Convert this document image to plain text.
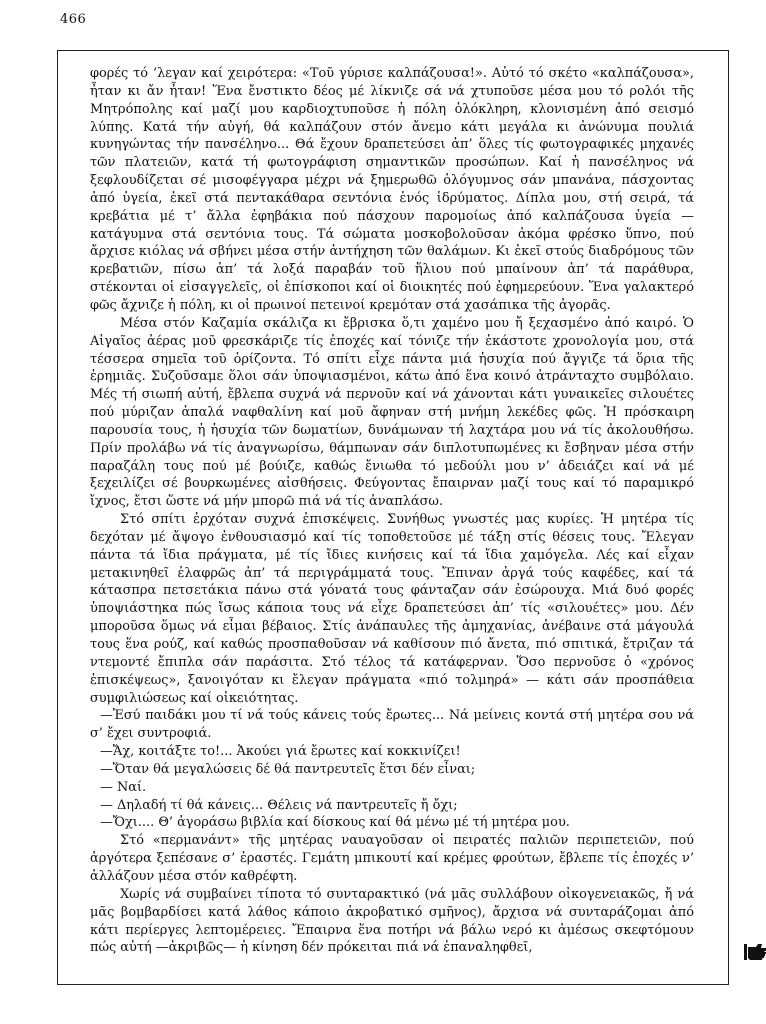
466

φορές τό ’λεγαν καί χειρότερα: «Τοῦ γύρισε καλπάζουσα!». Αὐτό τό σκέτο «καλπάζουσα», ἦταν κι ἄν ἦταν! Ἕνα ἔνστικτο δέος μέ λίκνιζε σά νά χτυποῦσε μέσα μου τό ρολόι τῆς Μητρόπολης καί μαζί μου καρδιοχτυποῦσε ἡ πόλη ὁλόκληρη, κλονισμένη ἀπό σεισμό λύπης. Κατά τήν αὐγή, θά καλπάζουν στόν ἄνεμο κάτι μεγάλα κι ἀνώνυμα πουλιά κυνηγώντας τήν πανσέληνο... Θά ἔχουν δραπετεύσει ἀπ’ ὅλες τίς φωτογραφικές μηχανές τῶν πλατειῶν, κατά τή φωτογράφιση σημαντικῶν προσώπων. Καί ἡ πανσέληνος νά ξεφλουδίζεται σέ μισοφέγγαρα μέχρι νά ξημερωθῶ ὀλόγυμνος σάν μπανάνα, πάσχοντας ἀπό ὑγεία, ἐκεῖ στά πεντακάθαρα σεντόνια ἑνός ἱδρύματος. Δίπλα μου, στή σειρά, τά κρεβάτια μέ τ’ ἄλλα ἐφηβάκια πού πάσχουν παρομοίως ἀπό καλπάζουσα ὑγεία — κατάγυμνα στά σεντόνια τους. Τά σώματα μοσκοβολοῦσαν ἀκόμα φρέσκο ὕπνο, πού ἄρχισε κιόλας νά σβήνει μέσα στήν ἀντήχηση τῶν θαλάμων. Κι ἐκεῖ στούς διαδρόμους τῶν κρεβατιῶν, πίσω ἀπ’ τά λοξά παραβάν τοῦ ἥλιου πού μπαίνουν ἀπ’ τά παράθυρα, στέκονται οἱ εἰσαγγελεῖς, οἱ ἐπίσκοποι καί οἱ διοικητές πού ἐφημερεύουν. Ἕνα γαλακτερό φῶς ἄχνιζε ἡ πόλη, κι οἱ πρωινοί πετεινοί κρεμόταν στά χασάπικα τῆς ἀγορᾶς.

Μέσα στόν Καζαμία σκάλιζα κι ἔβρισκα ὅ,τι χαμένο μου ἤ ξεχασμένο ἀπό καιρό. Ὁ Αἰγαῖος ἀέρας μοῦ φρεσκάριζε τίς ἐποχές καί τόνιζε τήν ἑκάστοτε χρονολογία μου, στά τέσσερα σημεῖα τοῦ ὁρίζοντα. Τό σπίτι εἶχε πάντα μιά ἡσυχία πού ἄγγιζε τά ὅρια τῆς ἐρημιᾶς. Συζοῦσαμε ὅλοι σάν ὑποψιασμένοι, κάτω ἀπό ἕνα κοινό ἀτράνταχτο συμβόλαιο. Μές τή σιωπή αὐτή, ἔβλεπα συχνά νά περνοῦν καί νά χάνονται κάτι γυναικεῖες σιλουέτες πού μύριζαν ἁπαλά ναφθαλίνη καί μοῦ ἄφηναν στή μνήμη λεκέδες φῶς. Ἡ πρόσκαιρη παρουσία τους, ἡ ἡσυχία τῶν δωματίων, δυνάμωναν τή λαχτάρα μου νά τίς ἀκολουθήσω. Πρίν προλάβω νά τίς ἀναγνωρίσω, θάμπωναν σάν διπλοτυπωμένες κι ἔσβηναν μέσα στήν παραζάλη τους πού μέ βούιζε, καθώς ἔνιωθα τό μεδούλι μου ν’ ἀδειάζει καί νά μέ ξεχειλίζει σέ βουρκωμένες αἰσθήσεις. Φεύγοντας ἔπαιρναν μαζί τους καί τό παραμικρό ἴχνος, ἔτσι ὥστε νά μήν μπορῶ πιά νά τίς ἀναπλάσω.

Στό σπίτι ἐρχόταν συχνά ἐπισκέψεις. Συνήθως γνωστές μας κυρίες. Ἡ μητέρα τίς δεχόταν μέ ἄψογο ἐνθουσιασμό καί τίς τοποθετοῦσε μέ τάξη στίς θέσεις τους. Ἔλεγαν πάντα τά ἴδια πράγματα, μέ τίς ἴδιες κινήσεις καί τά ἴδια χαμόγελα. Λές καί εἶχαν μετακινηθεῖ ἐλαφρῶς ἀπ’ τά περιγράμματά τους. Ἔπιναν ἀργά τούς καφέδες, καί τά κάτασπρα πετσετάκια πάνω στά γόνατά τους φάνταζαν σάν ἐσώρουχα. Μιά δυό φορές ὑποψιάστηκα πώς ἴσως κάποια τους νά εἶχε δραπετεύσει ἀπ’ τίς «σιλουέτες» μου. Δέν μποροῦσα ὅμως νά εἶμαι βέβαιος. Στίς ἀνάπαυλες τῆς ἀμηχανίας, ἀνέβαινε στά μάγουλά τους ἕνα ρούζ, καί καθώς προσπαθοῦσαν νά καθίσουν πιό ἄνετα, πιό σπιτικά, ἔτριζαν τά ντεμοντέ ἔπιπλα σάν παράσιτα. Στό τέλος τά κατάφερναν. Ὅσο περνοῦσε ὁ «χρόνος ἐπισκέψεως», ξανοιγόταν κι ἔλεγαν πράγματα «πιό τολμηρά» — κάτι σάν προσπάθεια συμφιλιώσεως καί οἰκειότητας.

—Ἐσύ παιδάκι μου τί νά τούς κάνεις τούς ἔρωτες... Νά μείνεις κοντά στή μητέρα σου νά σ’ ἔχει συντροφιά.

—Ἄχ, κοιτάξτε το!... Ἀκούει γιά ἔρωτες καί κοκκινίζει!

—Ὅταν θά μεγαλώσεις δέ θά παντρευτεῖς ἔτσι δέν εἶναι;

— Ναί.

— Δηλαδή τί θά κάνεις... Θέλεις νά παντρευτεῖς ἤ ὄχι;

—Ὄχι.... Θ’ ἀγοράσω βιβλία καί δίσκους καί θά μένω μέ τή μητέρα μου.

Στό «περμανάντ» τῆς μητέρας ναυαγοῦσαν οἱ πειρατές παλιῶν περιπετειῶν, πού ἀργότερα ξεπέσανε σ’ ἐραστές. Γεμάτη μπικουτί καί κρέμες φρούτων, ἔβλεπε τίς ἐποχές ν’ ἀλλάζουν μέσα στόν καθρέφτη.

Χωρίς νά συμβαίνει τίποτα τό συνταρακτικό (νά μᾶς συλλάβουν οἰκογενειακῶς, ἤ νά μᾶς βομβαρδίσει κατά λάθος κάποιο ἀκροβατικό σμῆνος), ἄρχισα νά συνταράζομαι ἀπό κάτι περίεργες λεπτομέρειες. Ἔπαιρνα ἕνα ποτήρι νά βάλω νερό κι ἀμέσως σκεφτόμουν πώς αὐτή —ἀκριβῶς— ἡ κίνηση δέν πρόκειται πιά νά ἐπαναληφθεῖ,
